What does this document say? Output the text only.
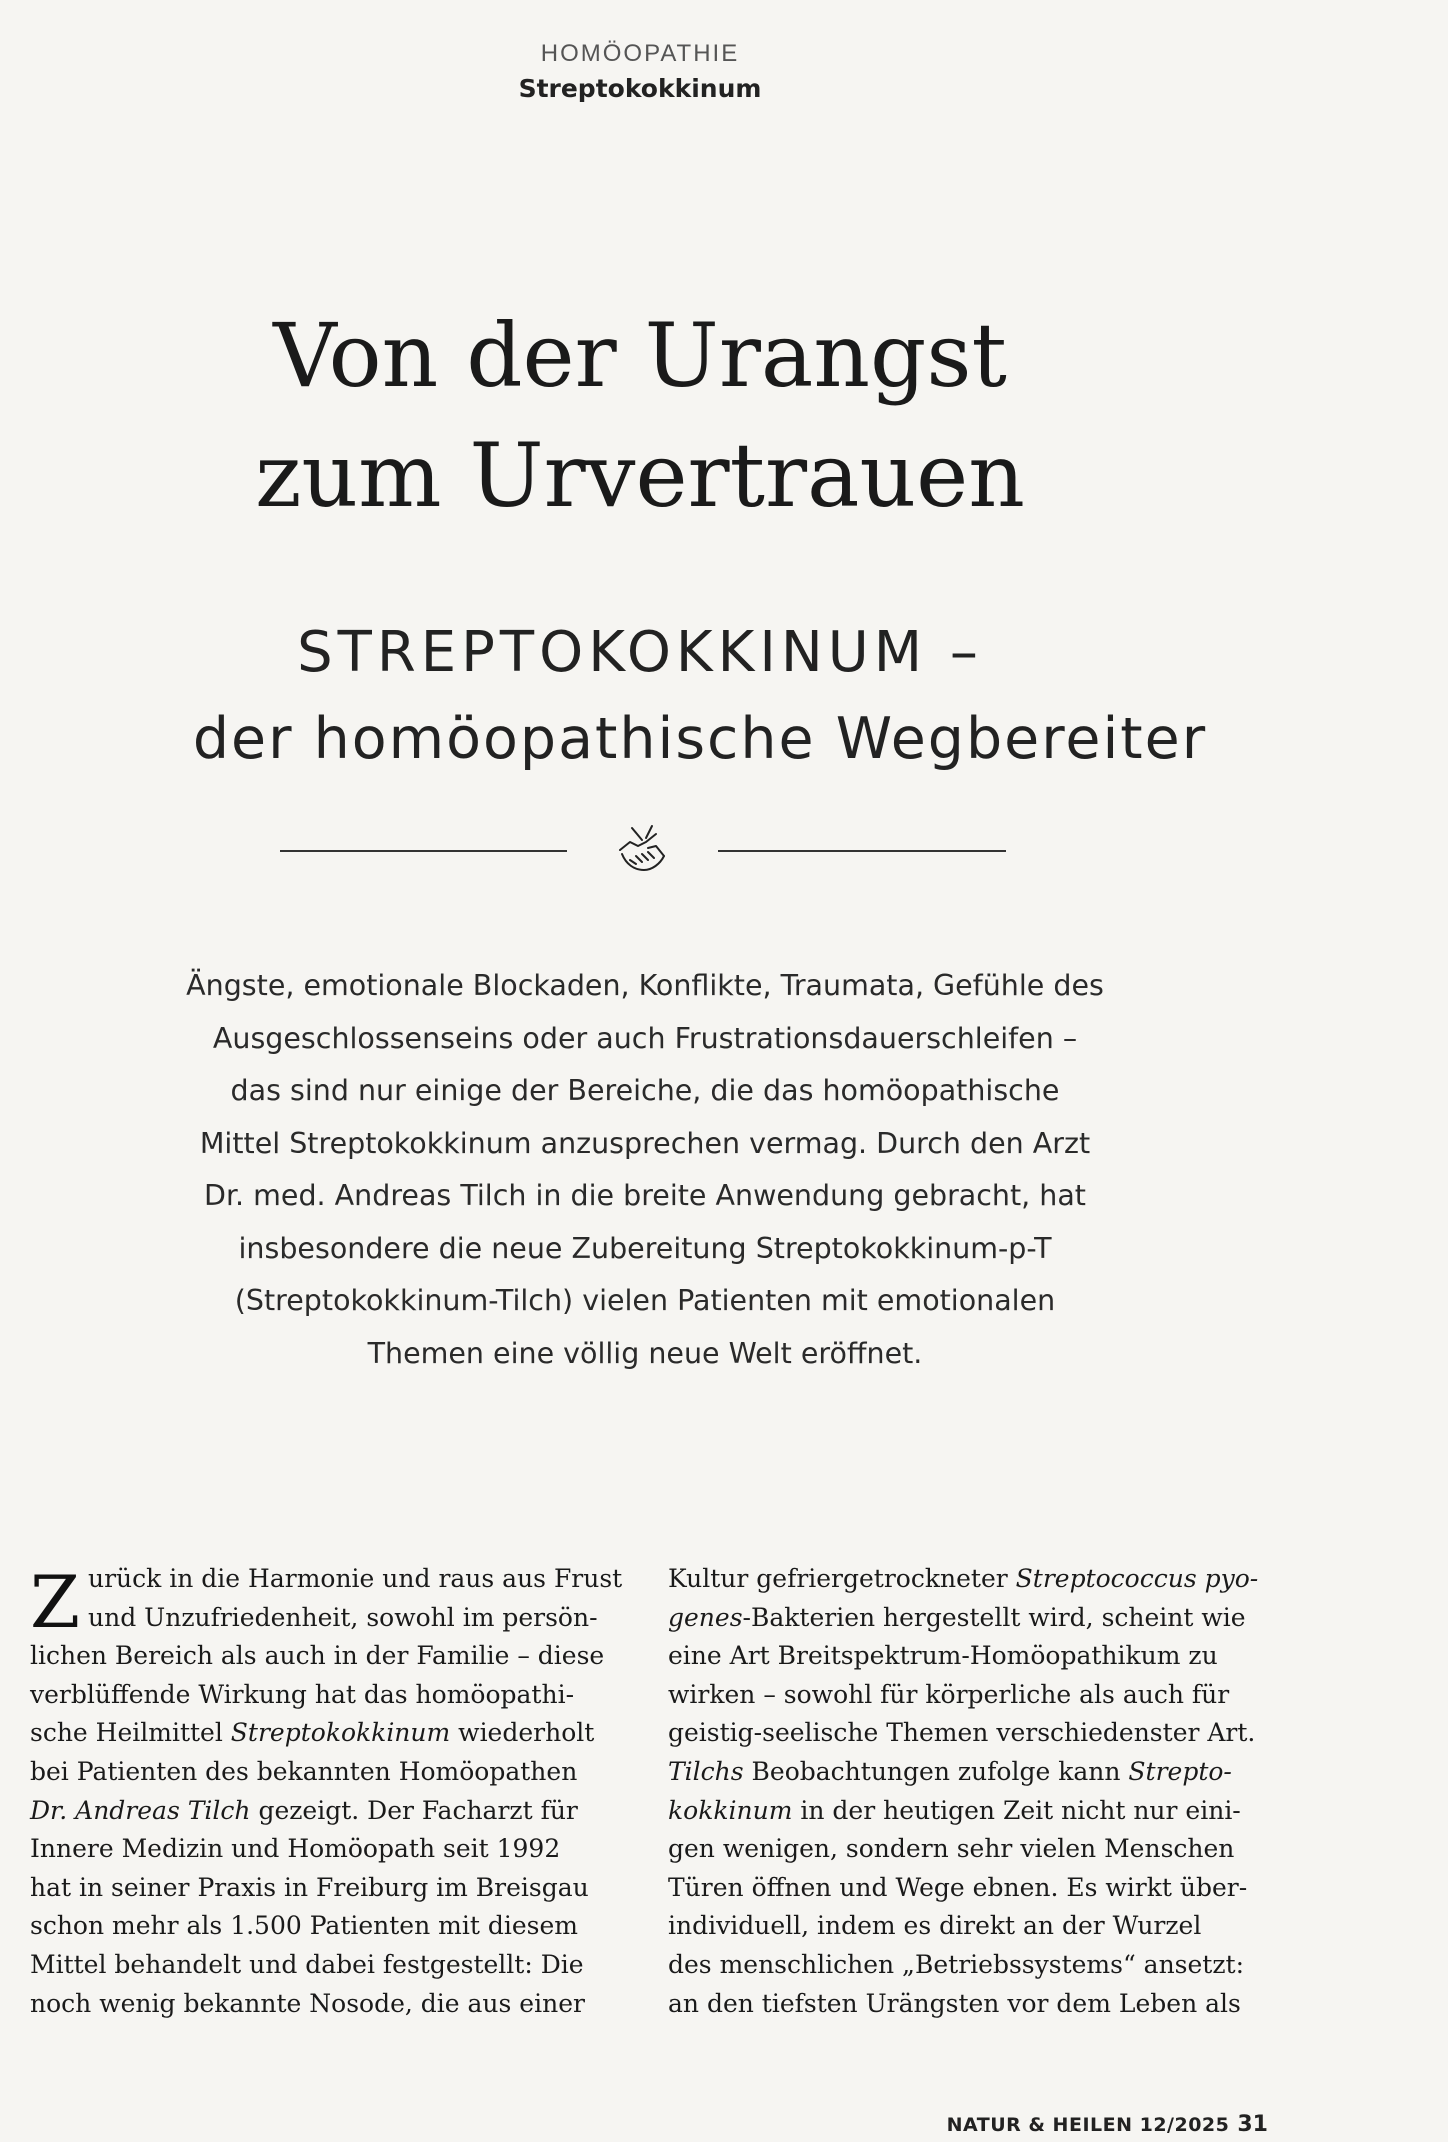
HOMÖOPATHIE
Streptokokkinum
Von der Urangst
zum Urvertrauen
STREPTOKOKKINUM –
der homöopathische Wegbereiter
Ängste, emotionale Blockaden, Konflikte, Traumata, Gefühle des
Ausgeschlossenseins oder auch Frustrationsdauerschleifen –
das sind nur einige der Bereiche, die das homöopathische
Mittel Streptokokkinum anzusprechen vermag. Durch den Arzt
Dr. med. Andreas Tilch in die breite Anwendung gebracht, hat
insbesondere die neue Zubereitung Streptokokkinum-p-T
(Streptokokkinum-Tilch) vielen Patienten mit emotionalen
Themen eine völlig neue Welt eröffnet.
Z urück in die Harmonie und raus aus Frust
und Unzufriedenheit, sowohl im persön-
lichen Bereich als auch in der Familie – diese
verblüffende Wirkung hat das homöopathi-
sche Heilmittel Streptokokkinum wiederholt
bei Patienten des bekannten Homöopathen
Dr. Andreas Tilch gezeigt. Der Facharzt für
Innere Medizin und Homöopath seit 1992
hat in seiner Praxis in Freiburg im Breisgau
schon mehr als 1.500 Patienten mit diesem
Mittel behandelt und dabei festgestellt: Die
noch wenig bekannte Nosode, die aus einer
Kultur gefriergetrockneter Streptococcus pyo-
genes-Bakterien hergestellt wird, scheint wie
eine Art Breitspektrum-Homöopathikum zu
wirken – sowohl für körperliche als auch für
geistig-seelische Themen verschiedenster Art.
Tilchs Beobachtungen zufolge kann Strepto-
kokkinum in der heutigen Zeit nicht nur eini-
gen wenigen, sondern sehr vielen Menschen
Türen öffnen und Wege ebnen. Es wirkt über-
individuell, indem es direkt an der Wurzel
des menschlichen „Betriebssystems“ ansetzt:
an den tiefsten Urängsten vor dem Leben als
NATUR & HEILEN 12/2025 31
